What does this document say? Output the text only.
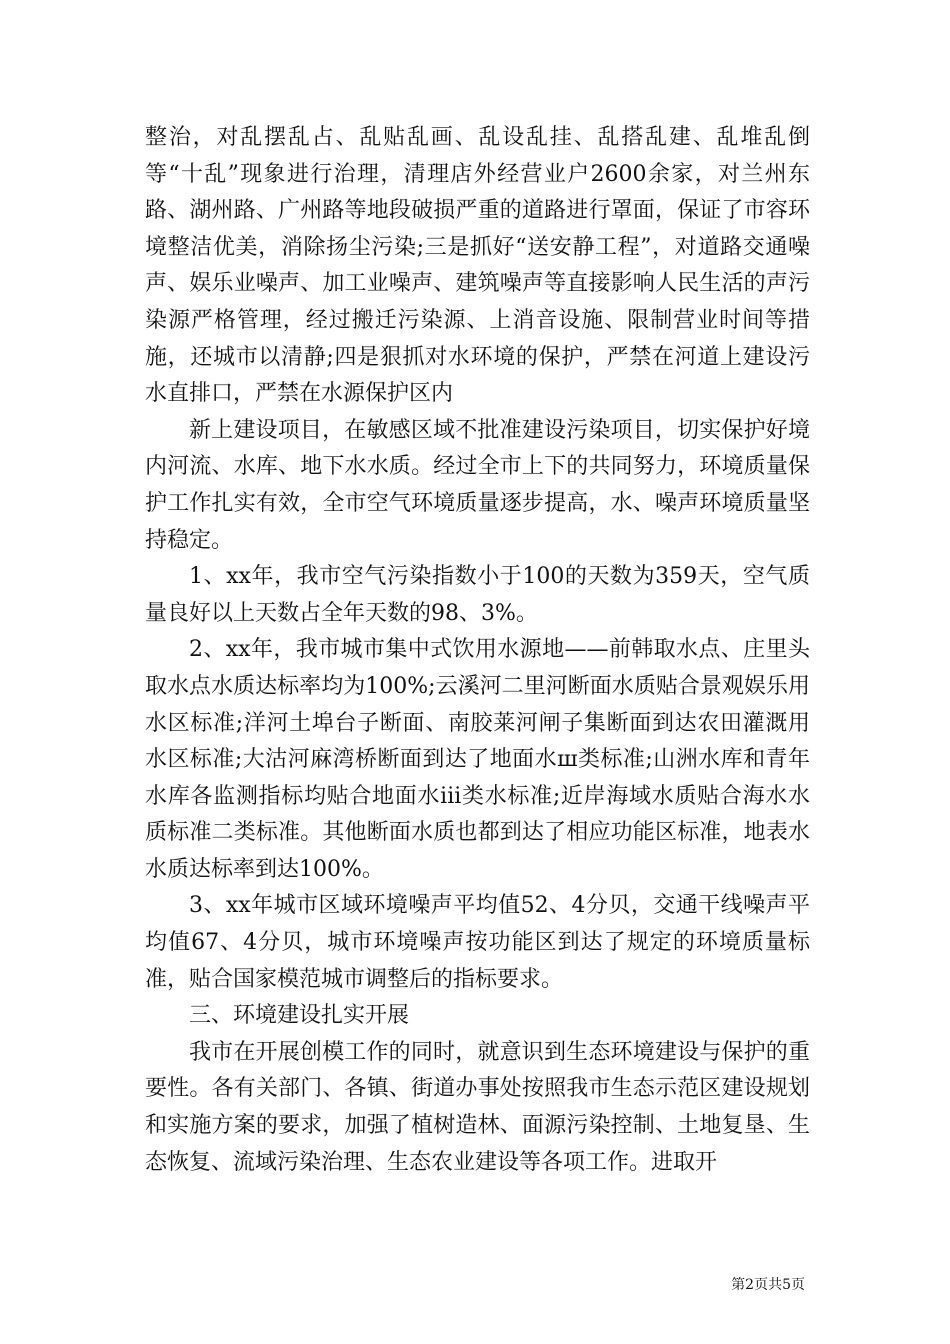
整治，对乱摆乱占、乱贴乱画、乱设乱挂、乱搭乱建、乱堆乱倒等“十乱”现象进行治理，清理店外经营业户2600余家，对兰州东路、湖州路、广州路等地段破损严重的道路进行罩面，保证了市容环境整洁优美，消除扬尘污染;三是抓好“送安静工程”，对道路交通噪声、娱乐业噪声、加工业噪声、建筑噪声等直接影响人民生活的声污染源严格管理，经过搬迁污染源、上消音设施、限制营业时间等措施，还城市以清静;四是狠抓对水环境的保护，严禁在河道上建设污水直排口，严禁在水源保护区内

新上建设项目，在敏感区域不批准建设污染项目，切实保护好境内河流、水库、地下水水质。经过全市上下的共同努力，环境质量保护工作扎实有效，全市空气环境质量逐步提高，水、噪声环境质量坚持稳定。

1、xx年，我市空气污染指数小于100的天数为359天，空气质量良好以上天数占全年天数的98、3%。

2、xx年，我市城市集中式饮用水源地——前韩取水点、庄里头取水点水质达标率均为100%;云溪河二里河断面水质贴合景观娱乐用水区标准;洋河土埠台子断面、南胶莱河闸子集断面到达农田灌溉用水区标准;大沽河麻湾桥断面到达了地面水ш类标准;山洲水库和青年水库各监测指标均贴合地面水iii类水标准;近岸海域水质贴合海水水质标准二类标准。其他断面水质也都到达了相应功能区标准，地表水水质达标率到达100%。

3、xx年城市区域环境噪声平均值52、4分贝，交通干线噪声平均值67、4分贝，城市环境噪声按功能区到达了规定的环境质量标准，贴合国家模范城市调整后的指标要求。

三、环境建设扎实开展

我市在开展创模工作的同时，就意识到生态环境建设与保护的重要性。各有关部门、各镇、街道办事处按照我市生态示范区建设规划和实施方案的要求，加强了植树造林、面源污染控制、土地复垦、生态恢复、流域污染治理、生态农业建设等各项工作。进取开

第2页共5页
